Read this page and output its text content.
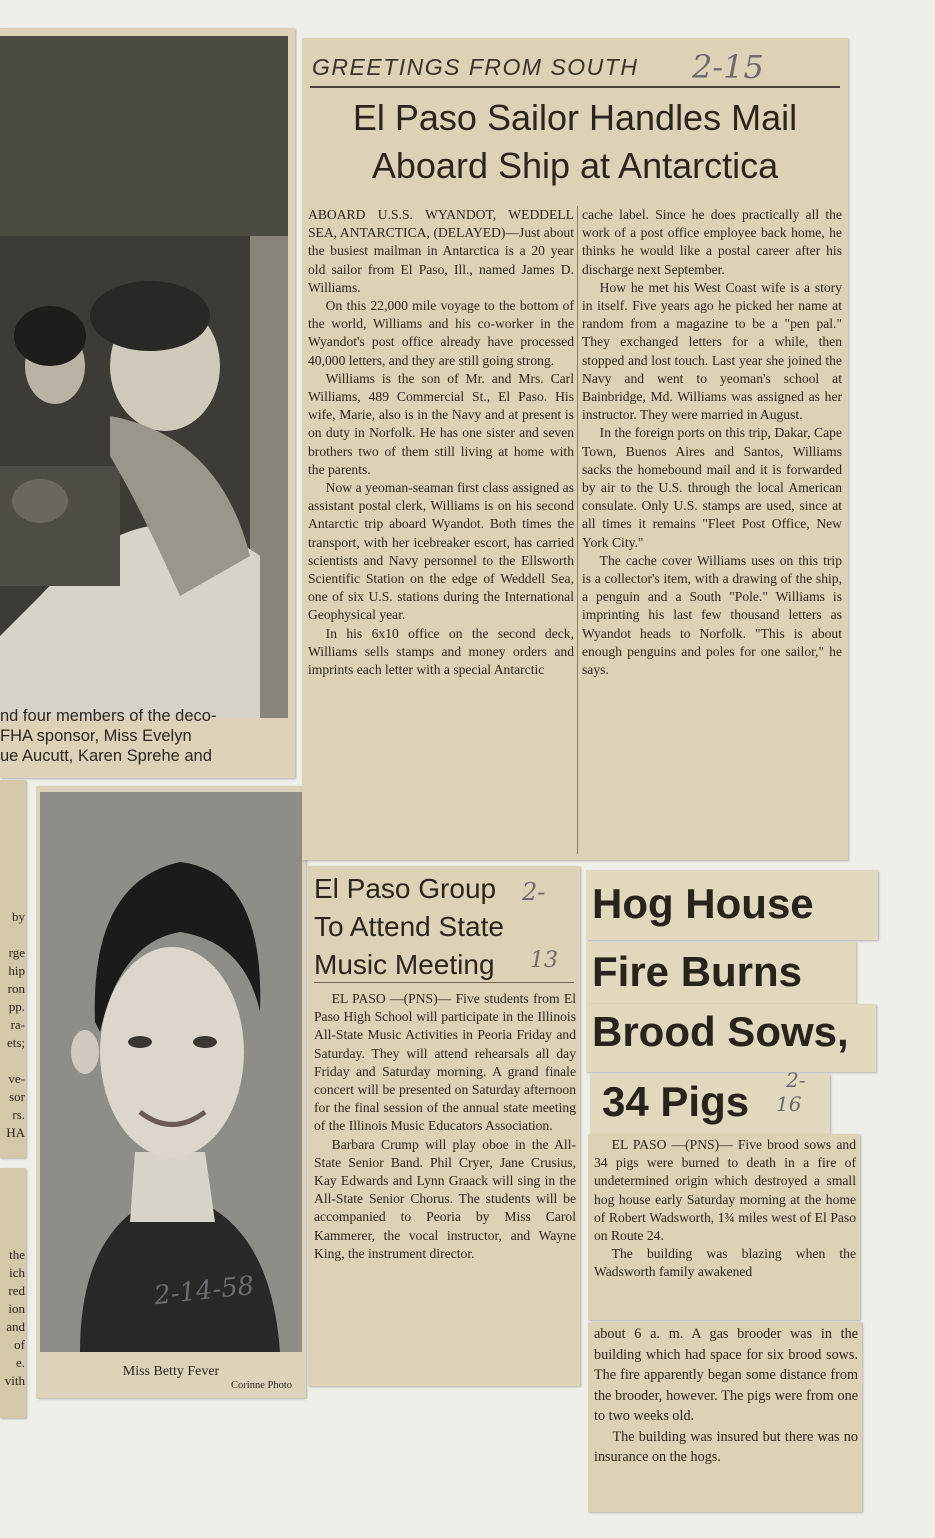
nd four members of the deco-
FHA sponsor, Miss Evelyn
ue Aucutt, Karen Sprehe and
by

rge
hip
ron
pp.
ra-
ets;

ve-
sor
rs.
HA

the
ich
red
ion
and
of
e.
vith
2-14-58
Miss Betty Fever
Corinne Photo
GREETINGS FROM SOUTH 2-15
El Paso Sailor Handles Mail
Aboard Ship at Antarctica

ABOARD U.S.S. WYANDOT, WEDDELL SEA, ANTARCTICA, (DELAYED)—Just about the busiest mailman in Antarctica is a 20 year old sailor from El Paso, Ill., named James D. Williams.

On this 22,000 mile voyage to the bottom of the world, Williams and his co-worker in the Wyandot's post office already have processed 40,000 letters, and they are still going strong.

Williams is the son of Mr. and Mrs. Carl Williams, 489 Commercial St., El Paso. His wife, Marie, also is in the Navy and at present is on duty in Norfolk. He has one sister and seven brothers two of them still living at home with the parents.

Now a yeoman-seaman first class assigned as assistant postal clerk, Williams is on his second Antarctic trip aboard Wyandot. Both times the transport, with her icebreaker escort, has carried scientists and Navy personnel to the Ellsworth Scientific Station on the edge of Weddell Sea, one of six U.S. stations during the International Geophysical year.

In his 6x10 office on the second deck, Williams sells stamps and money orders and imprints each letter with a special Antarctic

cache label. Since he does practically all the work of a post office employee back home, he thinks he would like a postal career after his discharge next September.

How he met his West Coast wife is a story in itself. Five years ago he picked her name at random from a magazine to be a "pen pal." They exchanged letters for a while, then stopped and lost touch. Last year she joined the Navy and went to yeoman's school at Bainbridge, Md. Williams was assigned as her instructor. They were married in August.

In the foreign ports on this trip, Dakar, Cape Town, Buenos Aires and Santos, Williams sacks the homebound mail and it is forwarded by air to the U.S. through the local American consulate. Only U.S. stamps are used, since at all times it remains "Fleet Post Office, New York City."

The cache cover Williams uses on this trip is a collector's item, with a drawing of the ship, a penguin and a South "Pole." Williams is imprinting his last few thousand letters as Wyandot heads to Norfolk. "This is about enough penguins and poles for one sailor," he says.

El Paso Group
To Attend State
Music Meeting
2-
13

EL PASO —(PNS)— Five students from El Paso High School will participate in the Illinois All-State Music Activities in Peoria Friday and Saturday. They will attend rehearsals all day Friday and Saturday morning. A grand finale concert will be presented on Saturday afternoon for the final session of the annual state meeting of the Illinois Music Educators Association.

Barbara Crump will play oboe in the All-State Senior Band. Phil Cryer, Jane Crusius, Kay Edwards and Lynn Graack will sing in the All-State Senior Chorus. The students will be accompanied to Peoria by Miss Carol Kammerer, the vocal instructor, and Wayne King, the instrument director.

Hog House
Fire Burns
Brood Sows,
34 Pigs 2-
16

EL PASO —(PNS)— Five brood sows and 34 pigs were burned to death in a fire of undetermined origin which destroyed a small hog house early Saturday morning at the home of Robert Wadsworth, 1¾ miles west of El Paso on Route 24.

The building was blazing when the Wadsworth family awakened

about 6 a. m. A gas brooder was in the building which had space for six brood sows. The fire apparently began some distance from the brooder, however. The pigs were from one to two weeks old.

The building was insured but there was no insurance on the hogs.
